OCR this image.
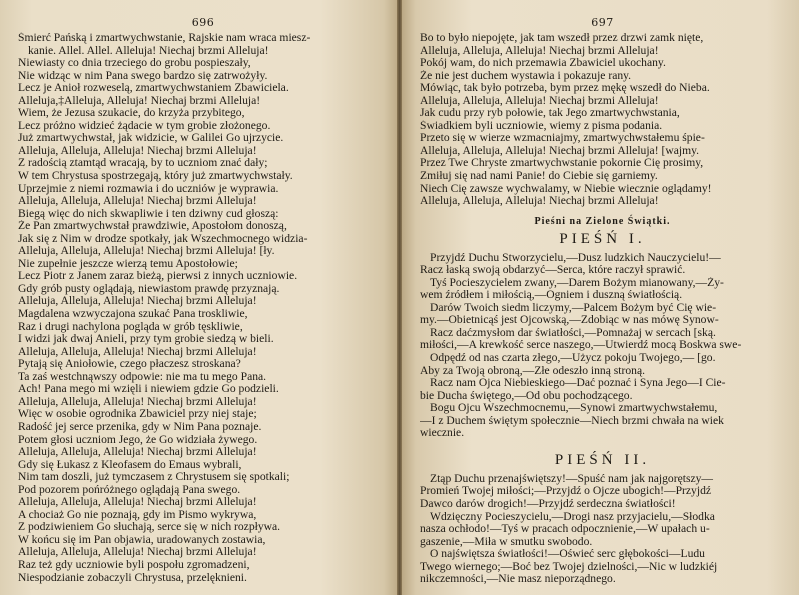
696
Śmierć Pańską i zmartwychwstanie, Rajskie nam wraca miesz-
kanie. Allel. Allel. Alleluja! Niechaj brzmi Alleluja!
Niewiasty co dnia trzeciego do grobu pospieszały,
Nie widząc w nim Pana swego bardzo się zatrwożyły.
Lecz je Anioł rozweselą, zmartwychwstaniem Zbawiciela.
Alleluja,‡Alleluja, Alleluja! Niechaj brzmi Alleluja!
Wiem, że Jezusa szukacie, do krzyża przybitego,
Lecz próżno widzieć żądacie w tym grobie złożonego.
Już zmartwychwstał, jak widzicie, w Galilei Go ujrzycie.
Alleluja, Alleluja, Alleluja! Niechaj brzmi Alleluja!
Z radością ztamtąd wracają, by to uczniom znać dały;
W tem Chrystusa spostrzegają, który już zmartwychwstały.
Uprzejmie z niemi rozmawia i do uczniów je wyprawia.
Alleluja, Alleluja, Alleluja! Niechaj brzmi Alleluja!
Biegą więc do nich skwapliwie i ten dziwny cud głoszą:
Że Pan zmartwychwstał prawdziwie, Apostołom donoszą,
Jak się z Nim w drodze spotkały, jak Wszechmocnego widzia-
Alleluja, Alleluja, Alleluja! Niechaj brzmi Alleluja! [ły.
Nie zupełnie jeszcze wierzą temu Apostołowie;
Lecz Piotr z Janem zaraz bieżą, pierwsi z innych uczniowie.
Gdy grób pusty oglądają, niewiastom prawdę przyznają.
Alleluja, Alleluja, Alleluja! Niechaj brzmi Alleluja!
Magdalena wzwyczajona szukać Pana troskliwie,
Raz i drugi nachylona pogląda w grób tęskliwie,
I widzi jak dwaj Anieli, przy tym grobie siedzą w bieli.
Alleluja, Alleluja, Alleluja! Niechaj brzmi Alleluja!
Pytają się Aniołowie, czego płaczesz stroskana?
Ta zaś westchnąwszy odpowie: nie ma tu mego Pana.
Ach! Pana mego mi wzięli i niewiem gdzie Go podzieli.
Alleluja, Alleluja, Alleluja! Niechaj brzmi Alleluja!
Więc w osobie ogrodnika Zbawiciel przy niej staje;
Radość jej serce przenika, gdy w Nim Pana poznaje.
Potem głosi uczniom Jego, że Go widziała żywego.
Alleluja, Alleluja, Alleluja! Niechaj brzmi Alleluja!
Gdy się Łukasz z Kleofasem do Emaus wybrali,
Nim tam doszli, już tymczasem z Chrystusem się spotkali;
Pod pozorem pońróżnego oglądają Pana swego.
Alleluja, Alleluja, Alleluja! Niechaj brzmi Alleluja!
A chociaż Go nie poznają, gdy im Pismo wykrywa,
Z podziwieniem Go słuchają, serce się w nich rozpływa.
W końcu się im Pan objawia, uradowanych zostawia,
Alleluja, Alleluja, Alleluja! Niechaj brzmi Alleluja!
Raz też gdy uczniowie byli pospołu zgromadzeni,
Niespodzianie zobaczyli Chrystusa, przelęknieni.
697
Bo to było niepojęte, jak tam wszedł przez drzwi zamk nięte,
Alleluja, Alleluja, Alleluja! Niechaj brzmi Alleluja!
Pokój wam, do nich przemawia Zbawiciel ukochany.
Że nie jest duchem wystawia i pokazuje rany.
Mówiąc, tak było potrzeba, bym przez mękę wszedł do Nieba.
Alleluja, Alleluja, Alleluja! Niechaj brzmi Alleluja!
Jak cudu przy ryb połowie, tak Jego zmartwychwstania,
Świadkiem byli uczniowie, wiemy z pisma podania.
Przeto się w wierze wzmacniajmy, zmartwychwstałemu śpie-
Alleluja, Alleluja, Alleluja! Niechaj brzmi Alleluja! [wajmy.
Przez Twe Chryste zmartwychwstanie pokornie Cię prosimy,
Zmiłuj się nad nami Panie! do Ciebie się garniemy.
Niech Cię zawsze wychwalamy, w Niebie wiecznie oglądamy!
Alleluja, Alleluja, Alleluja! Niechaj brzmi Alleluja!
Pieśni na Zielone Świątki.
PIEŚŃ I.
Przyjdź Duchu Stworzycielu,—Dusz ludzkich Nauczycielu!—
Racz łaską swoją obdarzyć—Serca, które raczył sprawić.
Tyś Pocieszycielem zwany,—Darem Bożym mianowany,—Ży-
wem źródłem i miłością,—Ogniem i duszną światłością.
Darów Twoich siedm liczymy,—Palcem Bożym być Cię wie-
my.—Obietnicąś jest Ojcowską,—Zdobiąc w nas mówę Synow-
Racz daćzmysłom dar światłości,—Pomnażaj w sercach [ską.
miłości,—A krewkość serce naszego,—Utwierdź mocą Boskwa swe-
Odpędź od nas czarta złego,—Użycz pokoju Twojego,— [go.
Aby za Twoją obroną,—Złe odeszło inną stroną.
Racz nam Ojca Niebieskiego—Dać poznać i Syna Jego—I Cie-
bie Ducha świętego,—Od obu pochodzącego.
Bogu Ojcu Wszechmocnemu,—Synowi zmartwychwstałemu,
—I z Duchem świętym społecznie—Niech brzmi chwała na wiek
wiecznie.
PIEŚŃ II.
Ztąp Duchu przenajświętszy!—Spuść nam jak najgorętszy—
Promień Twojej miłości;—Przyjdź o Ojcze ubogich!—Przyjdź
Dawco darów drogich!—Przyjdź serdeczna światłości!
Wdzięczny Pocieszycielu,—Drogi nasz przyjacielu,—Słodka
nasza ochłodo!—Tyś w pracach odpocznienie,—W upałach u-
gaszenie,—Miła w smutku swobodo.
O najświętsza światłości!—Oświeć serc głębokości—Ludu
Twego wiernego;—Boć bez Twojej dzielności,—Nic w ludzkiéj
nikczemności,—Nie masz nieporządnego.
